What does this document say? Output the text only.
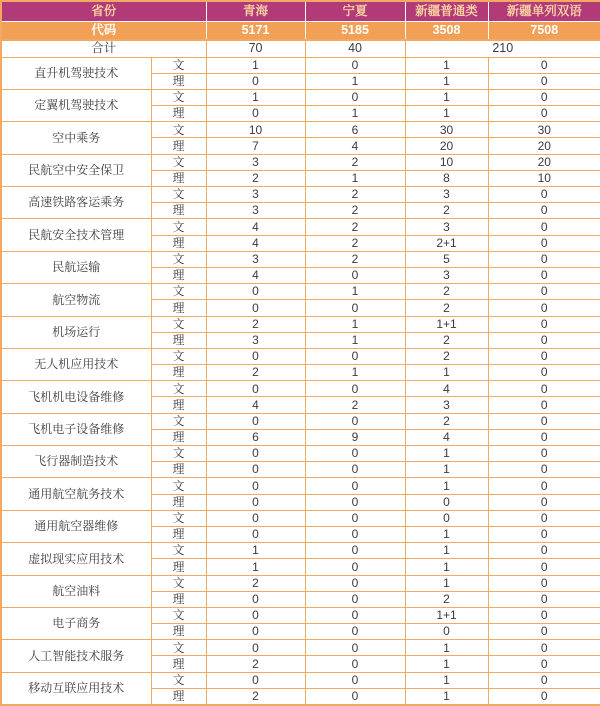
省份		青海	宁夏	新疆普通类	新疆单列双语
代码		5171	5185	3508	7508
合计		70	40	210	
直升机驾驶技术	文	1	0	1	0
	理	0	1	1	0
定翼机驾驶技术	文	1	0	1	0
	理	0	1	1	0
空中乘务	文	10	6	30	30
	理	7	4	20	20
民航空中安全保卫	文	3	2	10	20
	理	2	1	8	10
高速铁路客运乘务	文	3	2	3	0
	理	3	2	2	0
民航安全技术管理	文	4	2	3	0
	理	4	2	2+1	0
民航运输	文	3	2	5	0
	理	4	0	3	0
航空物流	文	0	1	2	0
	理	0	0	2	0
机场运行	文	2	1	1+1	0
	理	3	1	2	0
无人机应用技术	文	0	0	2	0
	理	2	1	1	0
飞机机电设备维修	文	0	0	4	0
	理	4	2	3	0
飞机电子设备维修	文	0	0	2	0
	理	6	9	4	0
飞行器制造技术	文	0	0	1	0
	理	0	0	1	0
通用航空航务技术	文	0	0	1	0
	理	0	0	0	0
通用航空器维修	文	0	0	0	0
	理	0	0	1	0
虚拟现实应用技术	文	1	0	1	0
	理	1	0	1	0
航空油料	文	2	0	1	0
	理	0	0	2	0
电子商务	文	0	0	1+1	0
	理	0	0	0	0
人工智能技术服务	文	0	0	1	0
	理	2	0	1	0
移动互联应用技术	文	0	0	1	0
	理	2	0	1	0
